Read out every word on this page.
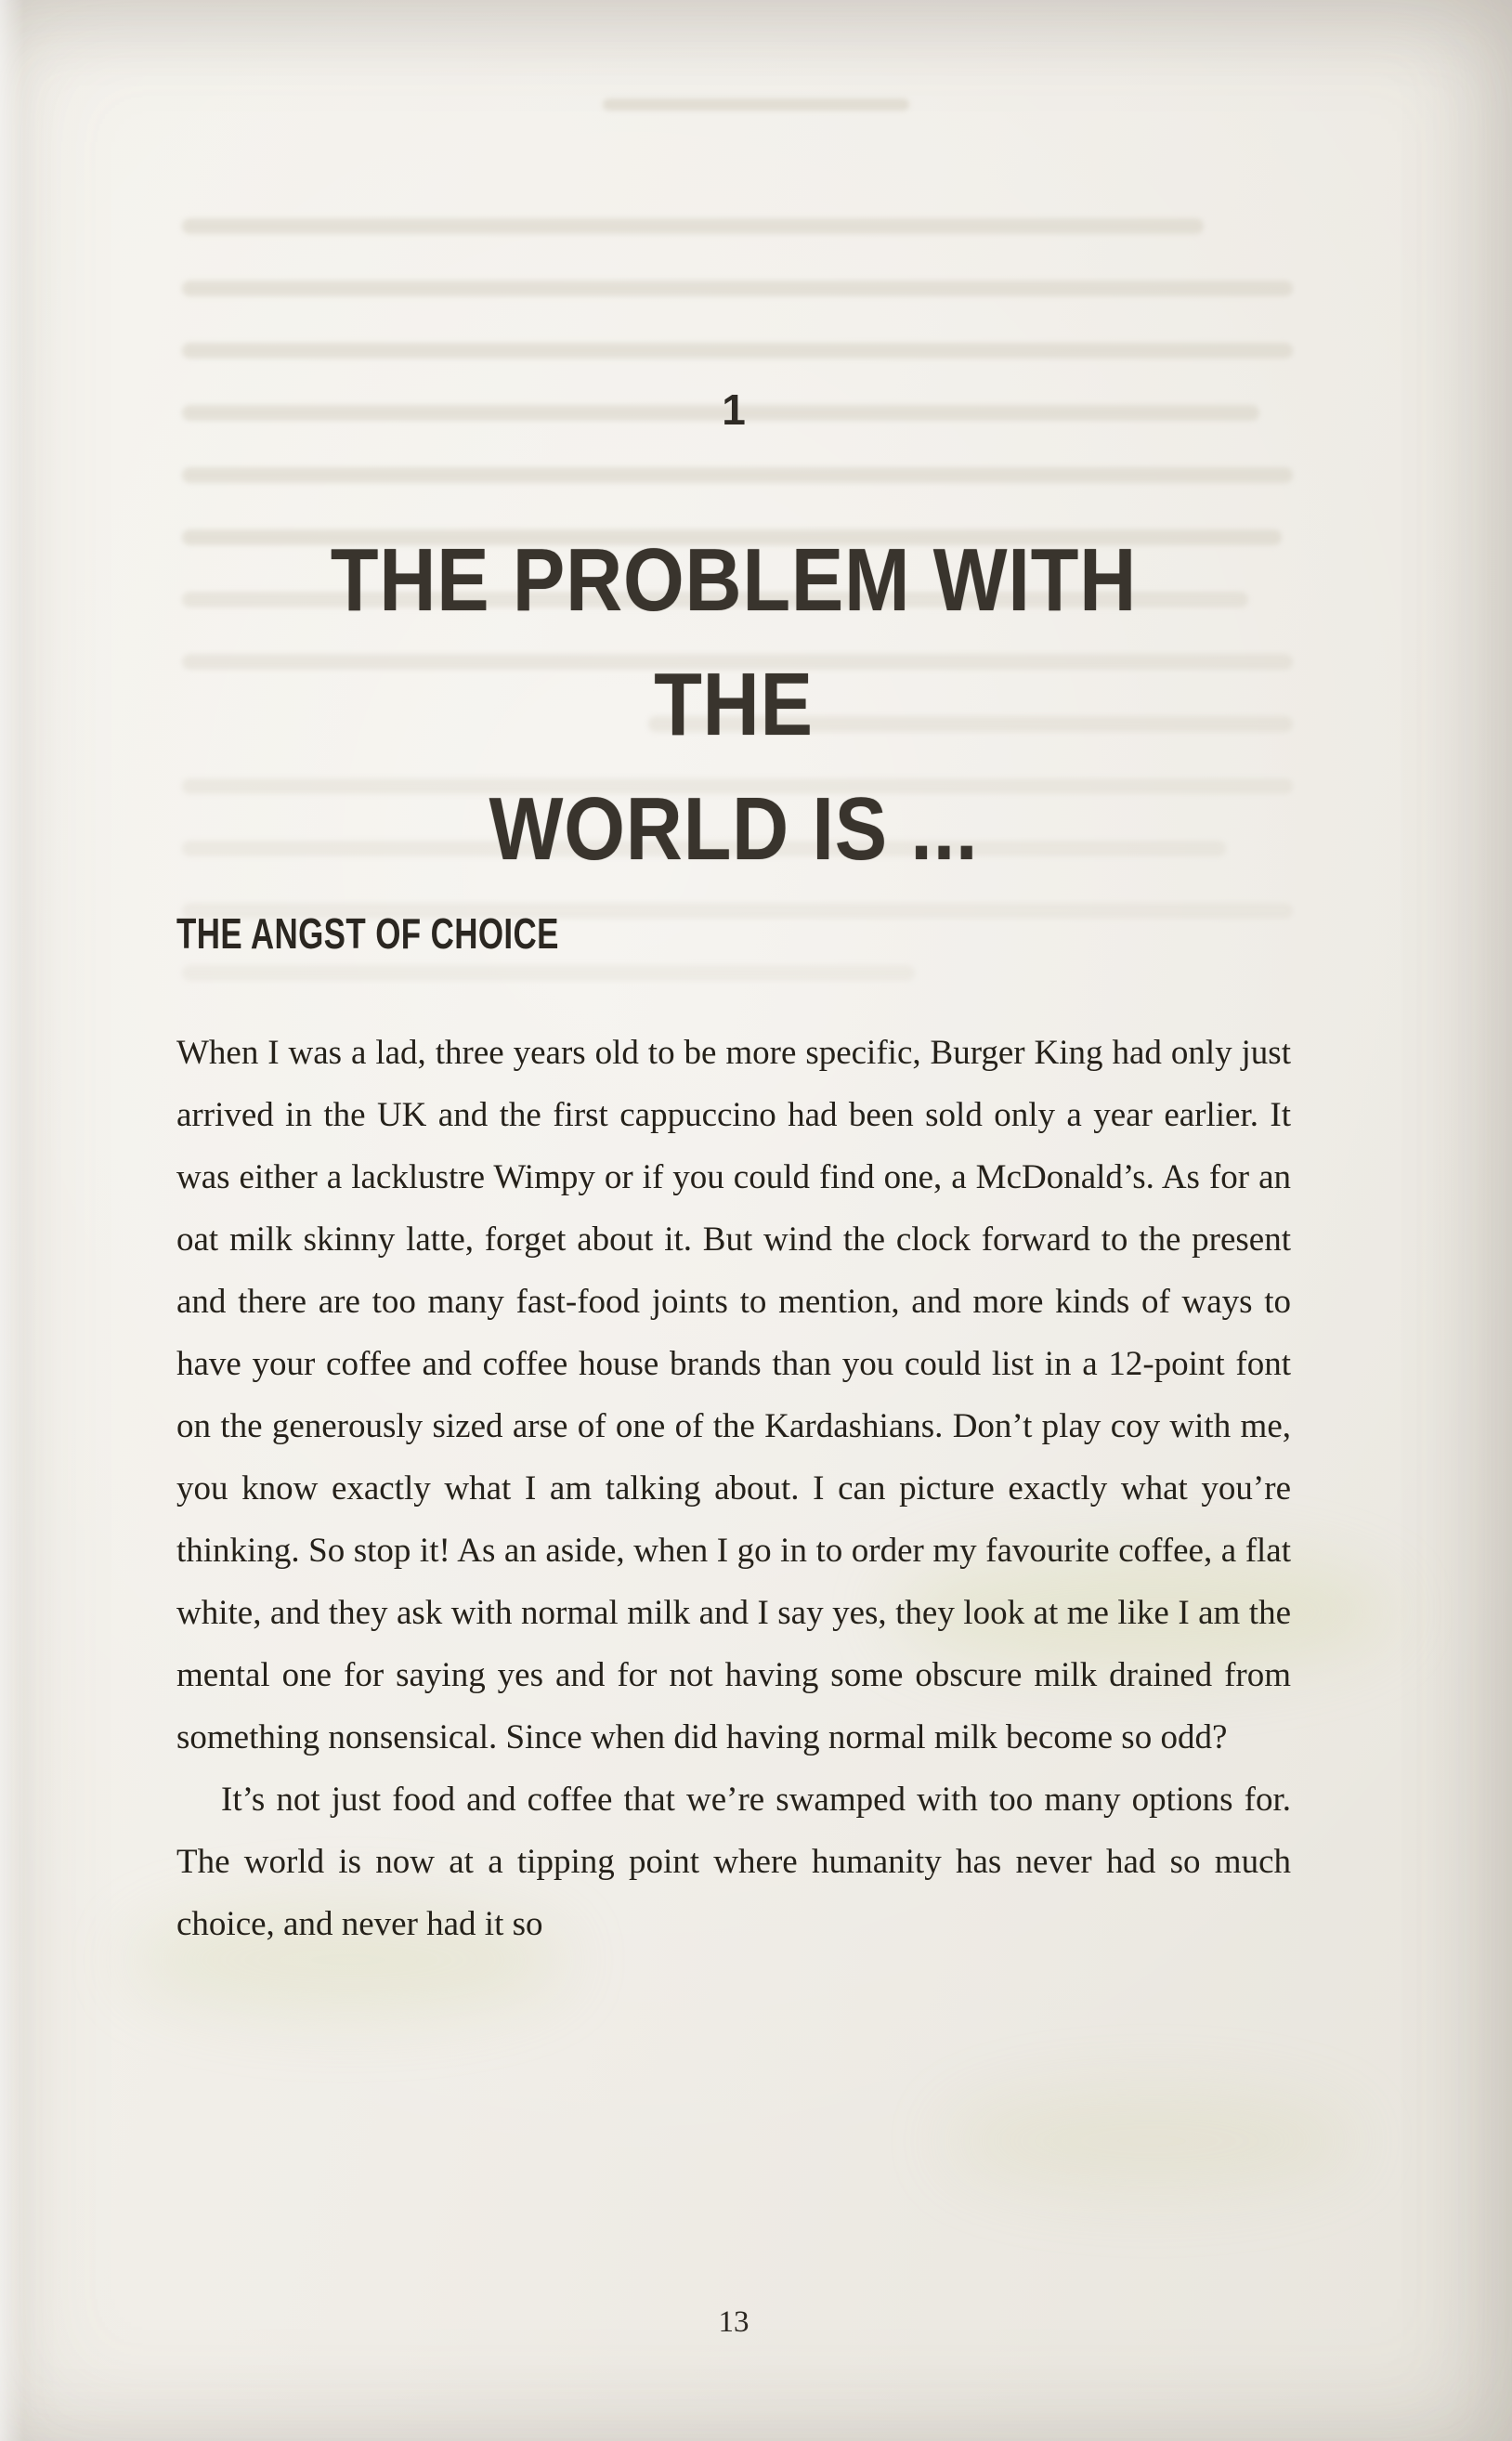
1
THE PROBLEM WITH THE
WORLD IS ...
THE ANGST OF CHOICE

When I was a lad, three years old to be more specific, Burger King had only just arrived in the UK and the first cappuccino had been sold only a year earlier. It was either a lacklustre Wimpy or if you could find one, a McDonald’s. As for an oat milk skinny latte, forget about it. But wind the clock forward to the present and there are too many fast-food joints to mention, and more kinds of ways to have your coffee and coffee house brands than you could list in a 12-point font on the generously sized arse of one of the Kardashians. Don’t play coy with me, you know exactly what I am talking about. I can picture exactly what you’re thinking. So stop it! As an aside, when I go in to order my favourite coffee, a flat white, and they ask with normal milk and I say yes, they look at me like I am the mental one for saying yes and for not having some obscure milk drained from something nonsensical. Since when did having normal milk become so odd?

It’s not just food and coffee that we’re swamped with too many options for. The world is now at a tipping point where humanity has never had so much choice, and never had it so

13
